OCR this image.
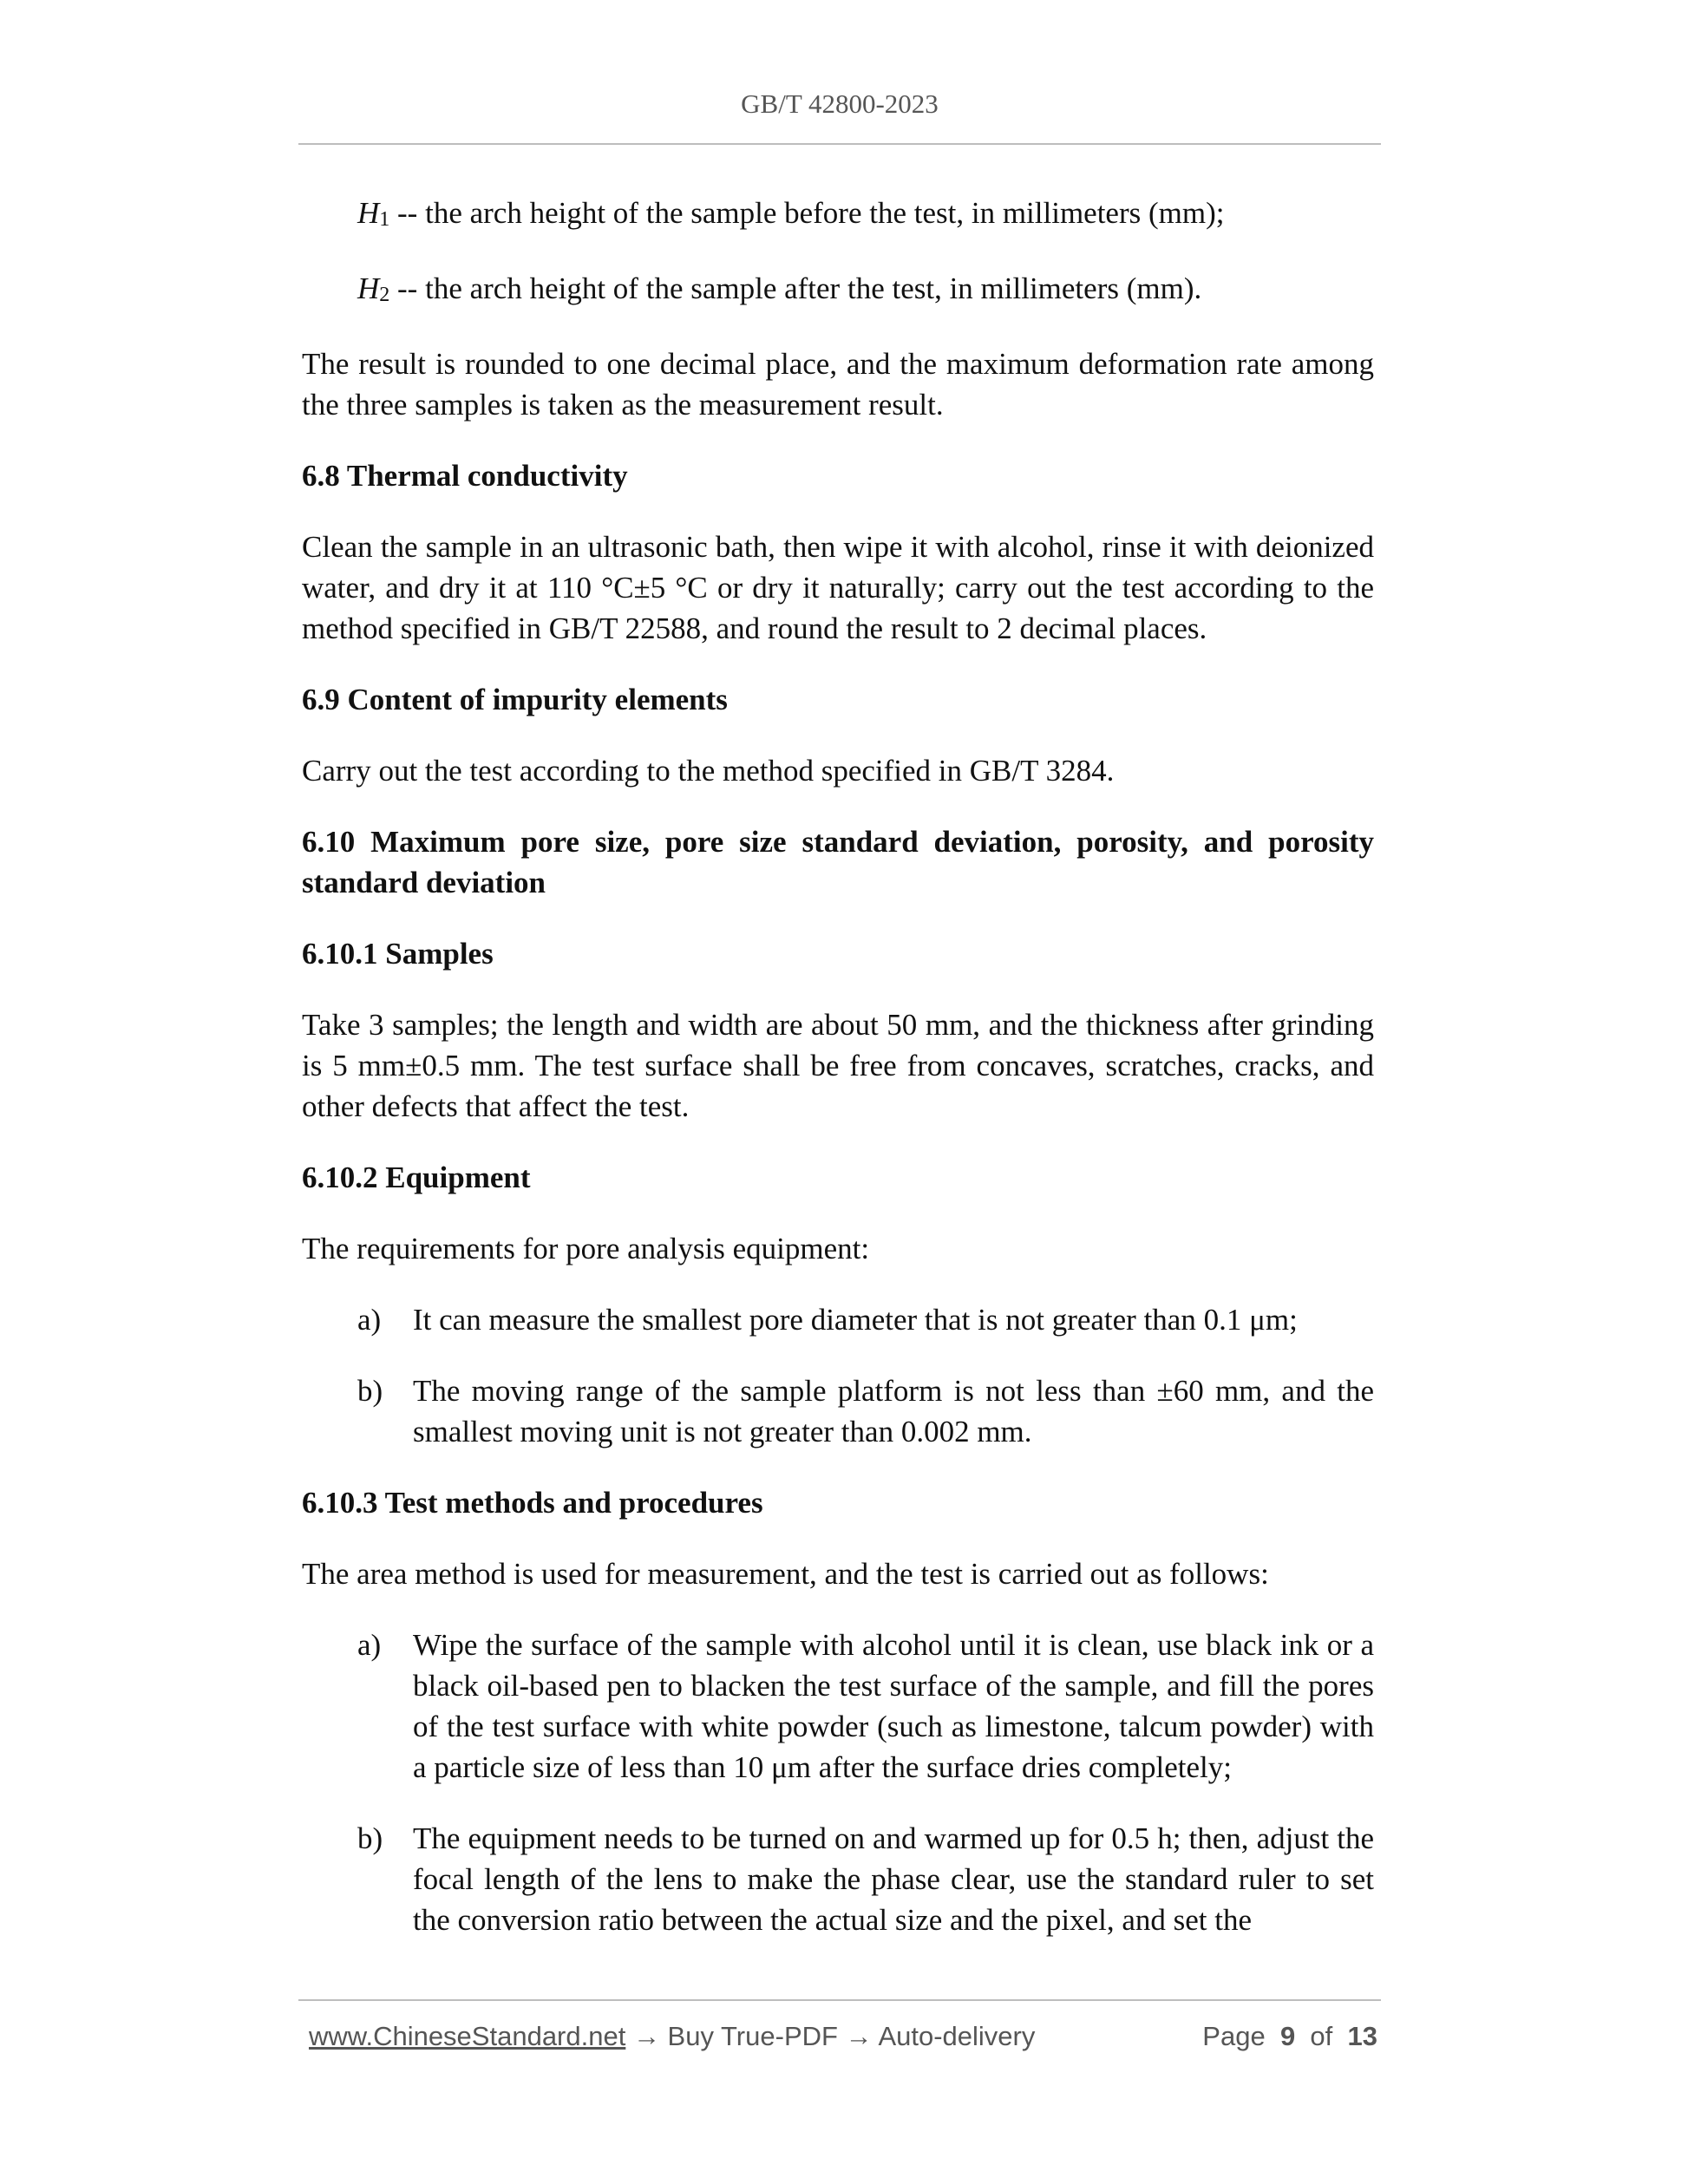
GB/T 42800-2023

$H_1$ -- the arch height of the sample before the test, in millimeters (mm);

$H_2$ -- the arch height of the sample after the test, in millimeters (mm).

The result is rounded to one decimal place, and the maximum deformation rate among the three samples is taken as the measurement result.

6.8 Thermal conductivity

Clean the sample in an ultrasonic bath, then wipe it with alcohol, rinse it with deionized water, and dry it at 110 °C±5 °C or dry it naturally; carry out the test according to the method specified in GB/T 22588, and round the result to 2 decimal places.

6.9 Content of impurity elements

Carry out the test according to the method specified in GB/T 3284.

6.10 Maximum pore size, pore size standard deviation, porosity, and porosity standard deviation
6.10.1 Samples

Take 3 samples; the length and width are about 50 mm, and the thickness after grinding is 5 mm±0.5 mm. The test surface shall be free from concaves, scratches, cracks, and other defects that affect the test.

6.10.2 Equipment

The requirements for pore analysis equipment:

a)	It can measure the smallest pore diameter that is not greater than 0.1 μm;
b) The moving range of the sample platform is not less than ±60 mm, and the smallest moving unit is not greater than 0.002 mm.
6.10.3 Test methods and procedures

The area method is used for measurement, and the test is carried out as follows:

a)	Wipe the surface of the sample with alcohol until it is clean, use black ink or a black oil-based pen to blacken the test surface of the sample, and fill the pores of the test surface with white powder (such as limestone, talcum powder) with a particle size of less than 10 μm after the surface dries completely;
b) The equipment needs to be turned on and warmed up for 0.5 h; then, adjust the focal length of the lens to make the phase clear, use the standard ruler to set the conversion ratio between the actual size and the pixel, and set the
www.ChineseStandard.net → Buy True-PDF → Auto-delivery	Page 9 of 13
